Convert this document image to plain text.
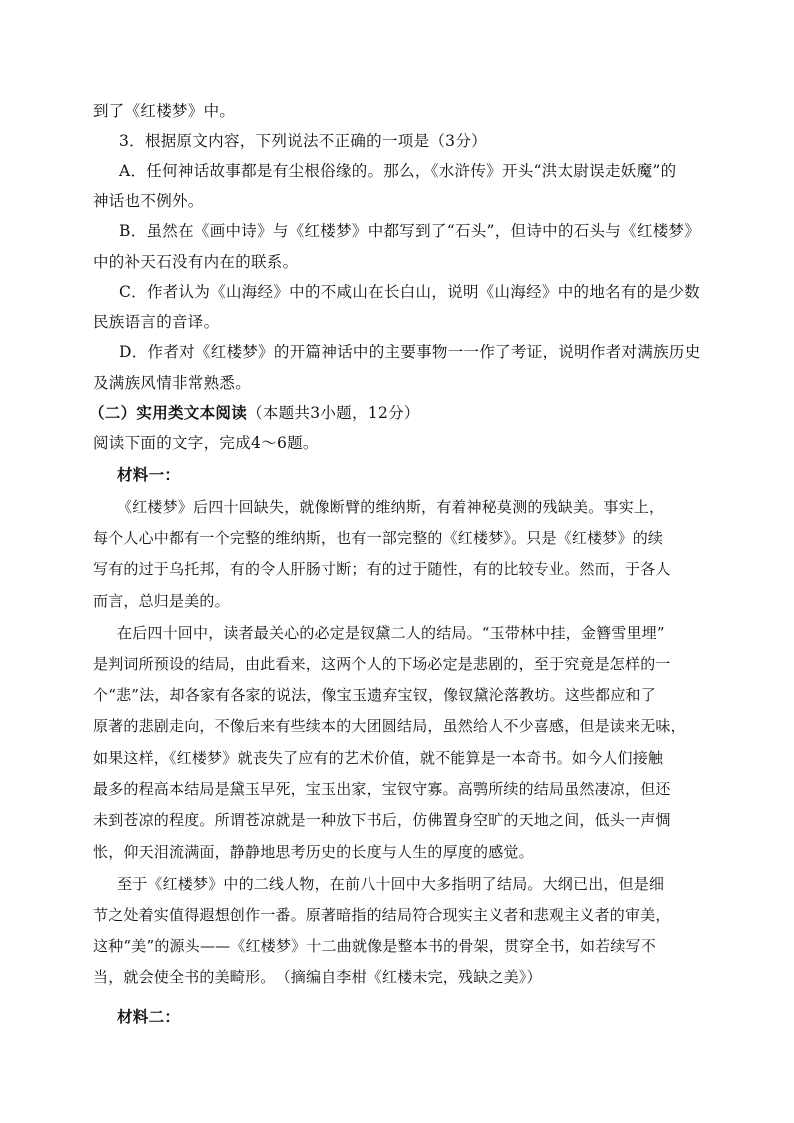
到了《红楼梦》中。
3．根据原文内容，下列说法不正确的一项是（3分）
A．任何神话故事都是有尘根俗缘的。那么，《水浒传》开头“洪太尉误走妖魔”的
神话也不例外。
B．虽然在《画中诗》与《红楼梦》中都写到了“石头”，但诗中的石头与《红楼梦》
中的补天石没有内在的联系。
C．作者认为《山海经》中的不咸山在长白山，说明《山海经》中的地名有的是少数
民族语言的音译。
D．作者对《红楼梦》的开篇神话中的主要事物一一作了考证，说明作者对满族历史
及满族风情非常熟悉。
（二）实用类文本阅读（本题共3小题，12分）
阅读下面的文字，完成4～6题。
材料一：
《红楼梦》后四十回缺失，就像断臂的维纳斯，有着神秘莫测的残缺美。事实上，
每个人心中都有一个完整的维纳斯，也有一部完整的《红楼梦》。只是《红楼梦》的续
写有的过于乌托邦，有的令人肝肠寸断；有的过于随性，有的比较专业。然而，于各人
而言，总归是美的。
在后四十回中，读者最关心的必定是钗黛二人的结局。“玉带林中挂，金簪雪里埋”
是判词所预设的结局，由此看来，这两个人的下场必定是悲剧的，至于究竟是怎样的一
个“悲”法，却各家有各家的说法，像宝玉遗弃宝钗，像钗黛沦落教坊。这些都应和了
原著的悲剧走向，不像后来有些续本的大团圆结局，虽然给人不少喜感，但是读来无味，
如果这样，《红楼梦》就丧失了应有的艺术价值，就不能算是一本奇书。如今人们接触
最多的程高本结局是黛玉早死，宝玉出家，宝钗守寡。高鹗所续的结局虽然凄凉，但还
未到苍凉的程度。所谓苍凉就是一种放下书后，仿佛置身空旷的天地之间，低头一声惆
怅，仰天泪流满面，静静地思考历史的长度与人生的厚度的感觉。
至于《红楼梦》中的二线人物，在前八十回中大多指明了结局。大纲已出，但是细
节之处着实值得遐想创作一番。原著暗指的结局符合现实主义者和悲观主义者的审美，
这种“美”的源头——《红楼梦》十二曲就像是整本书的骨架，贯穿全书，如若续写不
当，就会使全书的美畸形。　（摘编自李柑《红楼未完，残缺之美》）
材料二：
